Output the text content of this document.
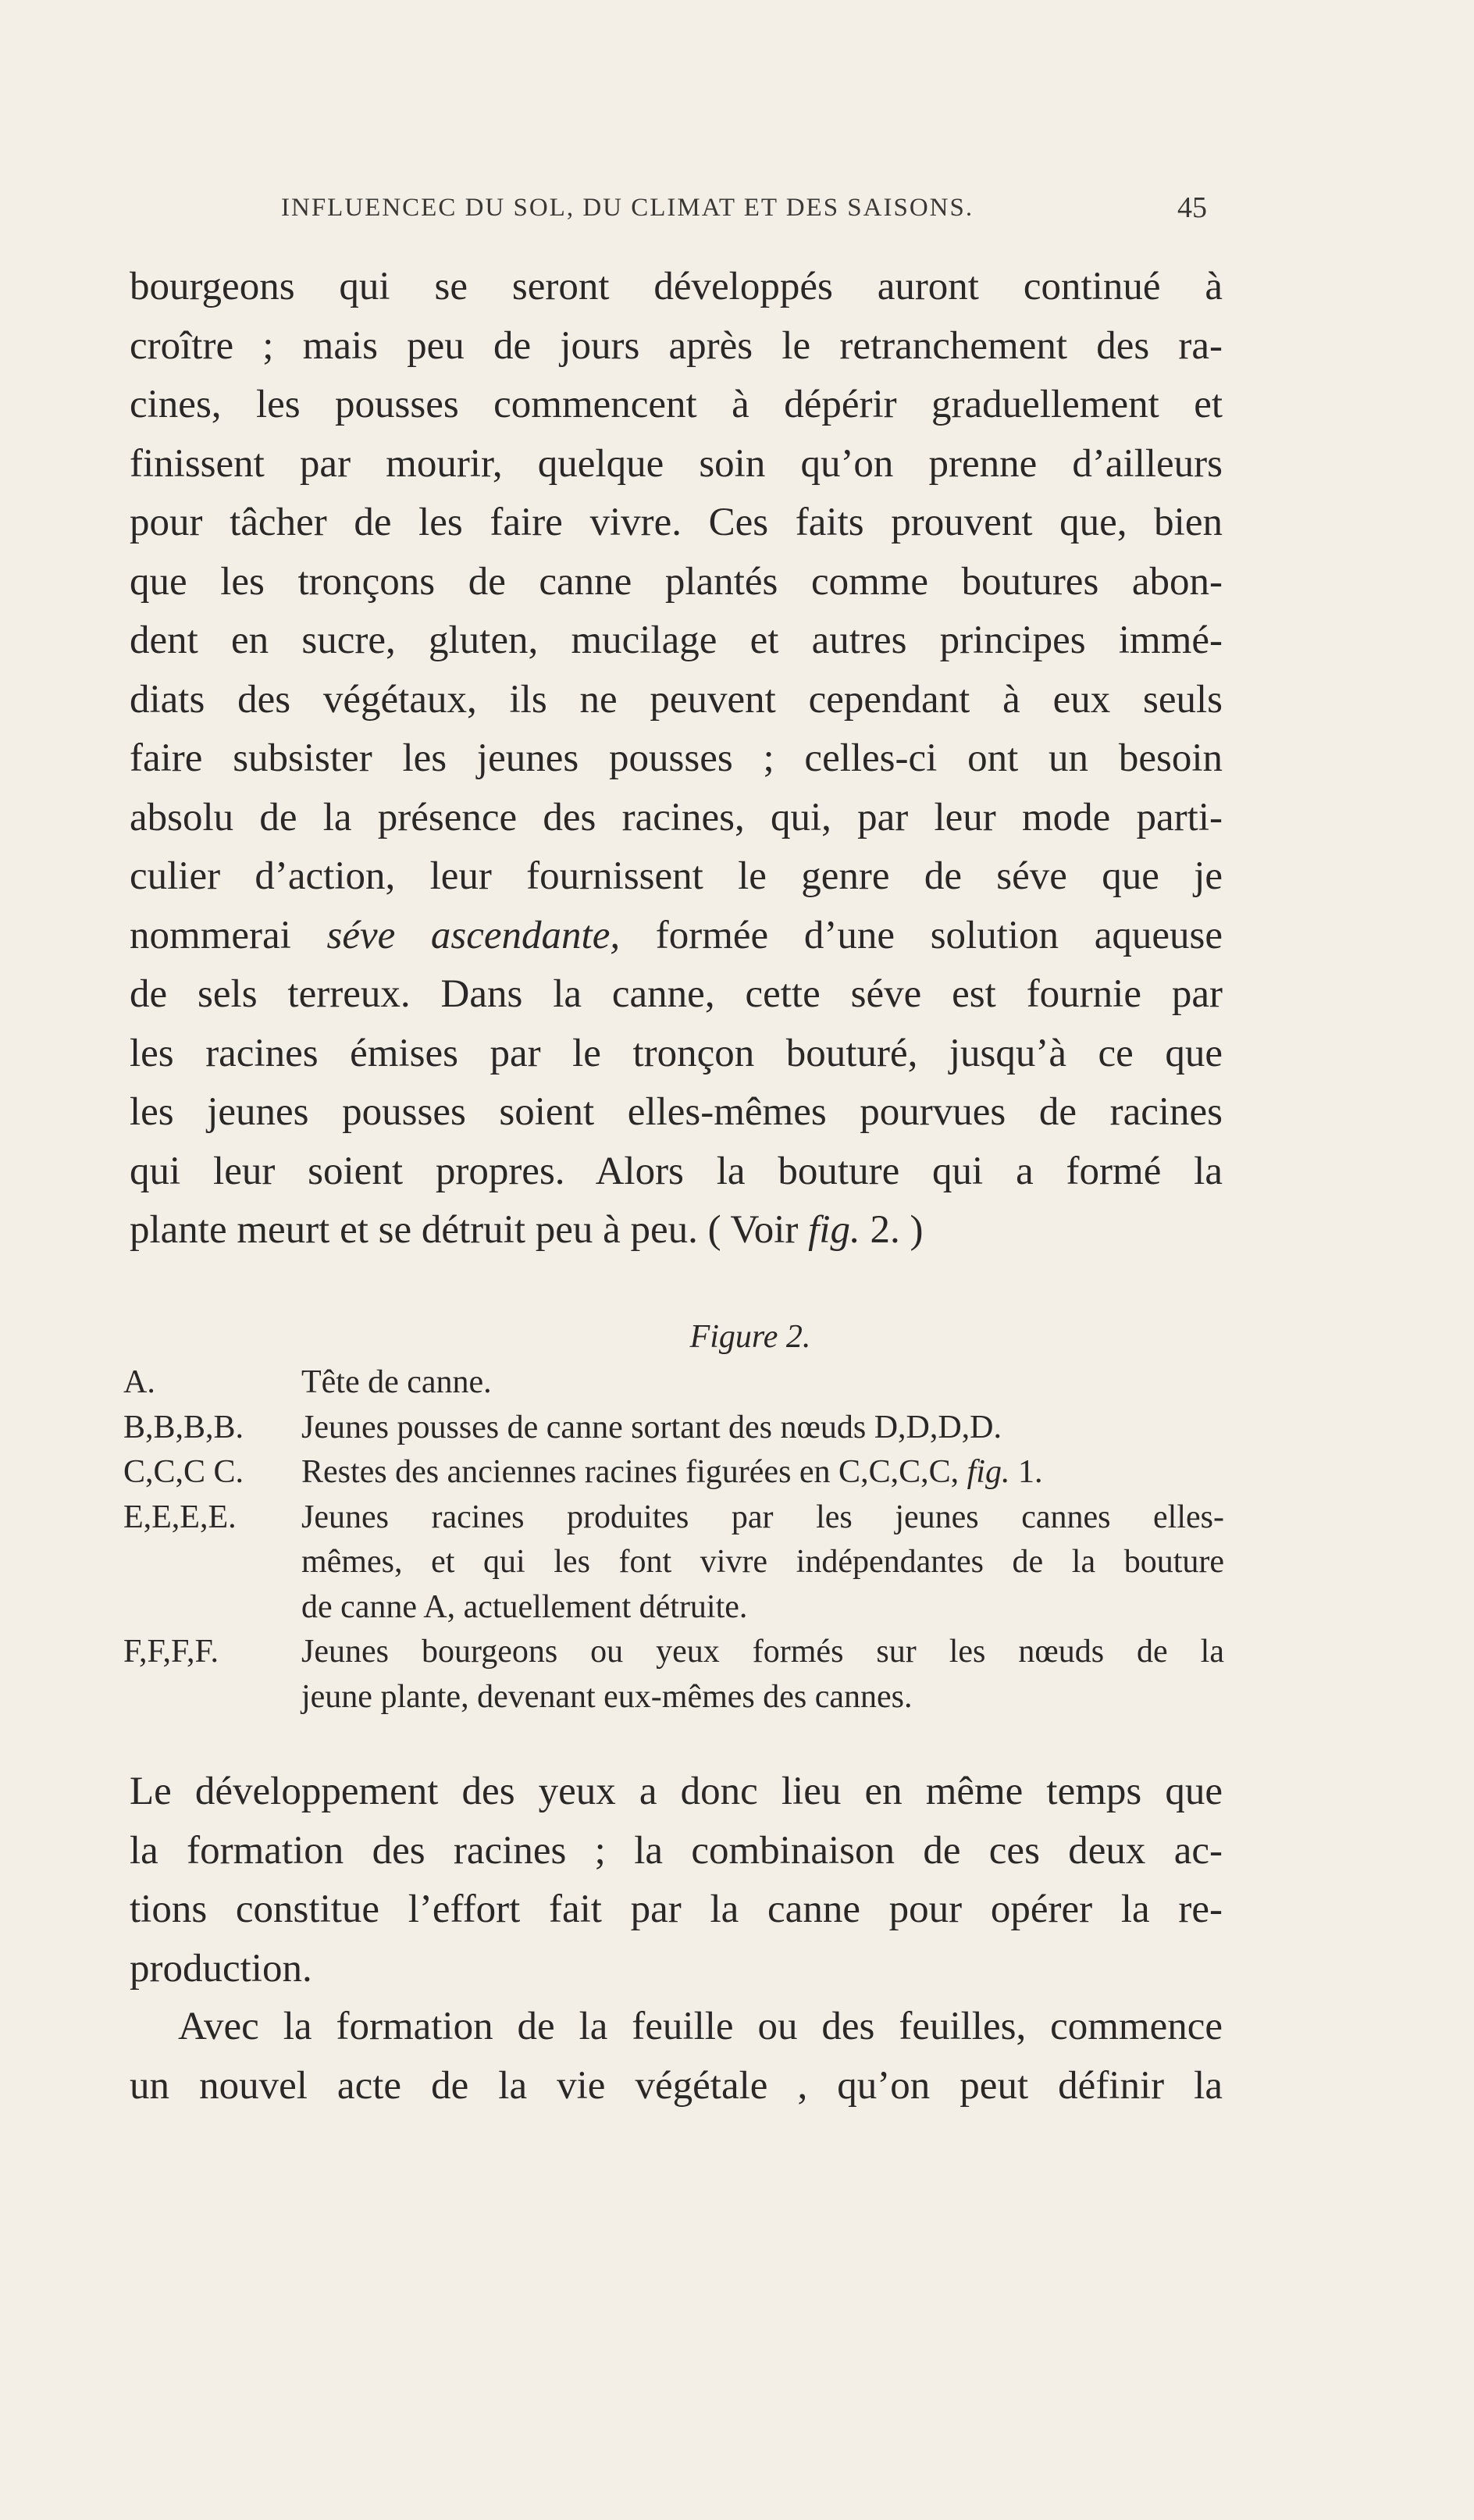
INFLUENCEC DU SOL, DU CLIMAT ET DES SAISONS.	45
bourgeons qui se seront développés auront continué à
croître ; mais peu de jours après le retranchement des ra-
cines, les pousses commencent à dépérir graduellement et
finissent par mourir, quelque soin qu’on prenne d’ailleurs
pour tâcher de les faire vivre. Ces faits prouvent que, bien
que les tronçons de canne plantés comme boutures abon-
dent en sucre, gluten, mucilage et autres principes immé-
diats des végétaux, ils ne peuvent cependant à eux seuls
faire subsister les jeunes pousses ; celles-ci ont un besoin
absolu de la présence des racines, qui, par leur mode parti-
culier d’action, leur fournissent le genre de séve que je
nommerai séve ascendante, formée d’une solution aqueuse
de sels terreux. Dans la canne, cette séve est fournie par
les racines émises par le tronçon bouturé, jusqu’à ce que
les jeunes pousses soient elles-mêmes pourvues de racines
qui leur soient propres. Alors la bouture qui a formé la
plante meurt et se détruit peu à peu. ( Voir fig. 2. )
Figure 2.
A.	Tête de canne.
B,B,B,B.	Jeunes pousses de canne sortant des nœuds D,D,D,D.
C,C,C C.	Restes des anciennes racines figurées en C,C,C,C, fig. 1.
E,E,E,E.	Jeunes racines produites par les jeunes cannes elles-
mêmes, et qui les font vivre indépendantes de la bouture
de canne A, actuellement détruite.
F,F,F,F.	Jeunes bourgeons ou yeux formés sur les nœuds de la
jeune plante, devenant eux-mêmes des cannes.
Le développement des yeux a donc lieu en même temps que
la formation des racines ; la combinaison de ces deux ac-
tions constitue l’effort fait par la canne pour opérer la re-
production.
Avec la formation de la feuille ou des feuilles, commence
un nouvel acte de la vie végétale , qu’on peut définir la
